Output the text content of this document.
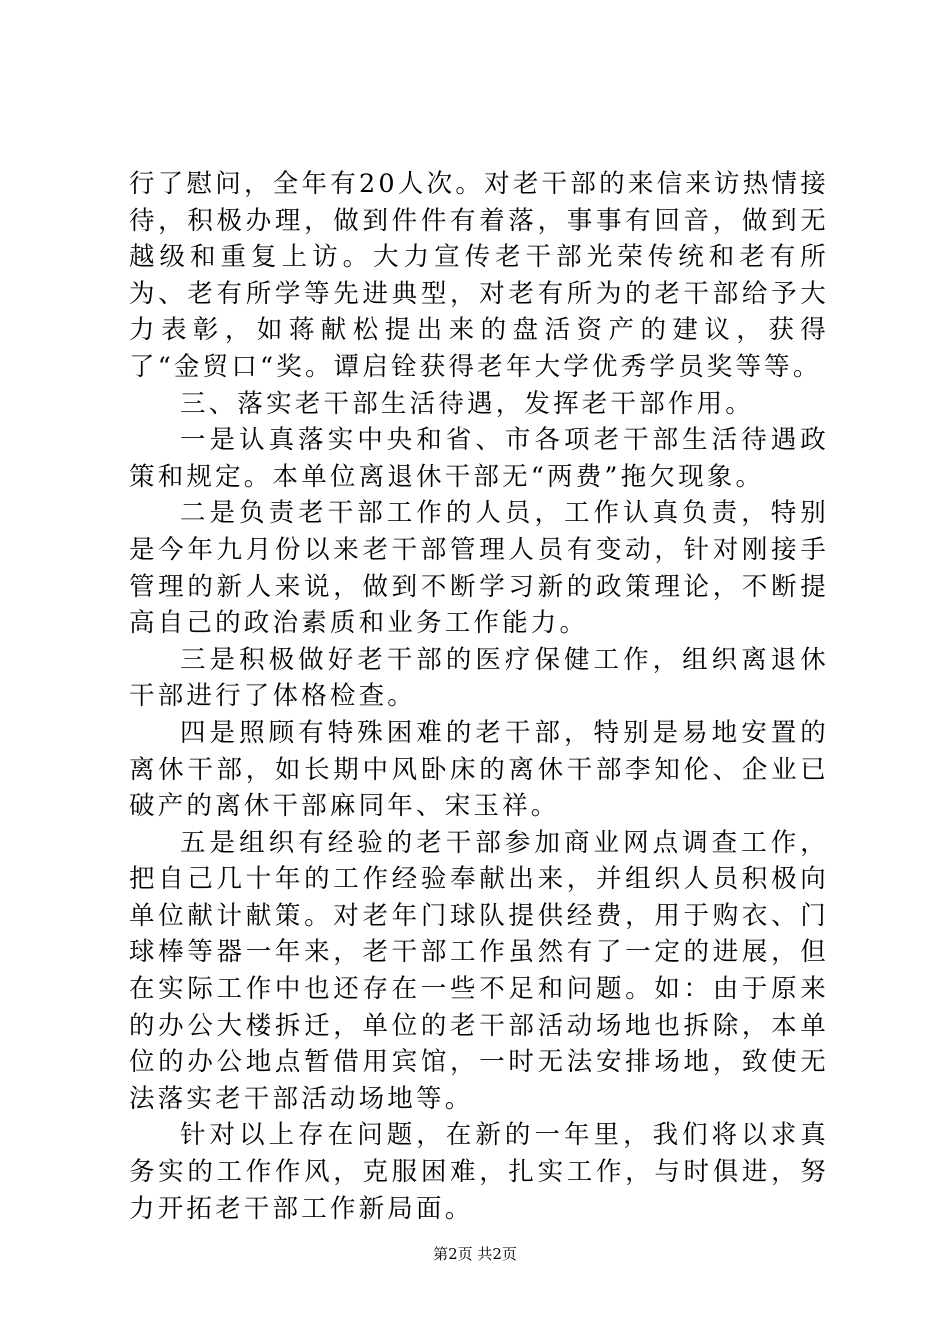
行了慰问，全年有20人次。对老干部的来信来访热情接待，积极办理，做到件件有着落，事事有回音，做到无越级和重复上访。大力宣传老干部光荣传统和老有所为、老有所学等先进典型，对老有所为的老干部给予大力表彰，如蒋献松提出来的盘活资产的建议，获得了“金贸口“奖。谭启铨获得老年大学优秀学员奖等等。

三、落实老干部生活待遇，发挥老干部作用。

一是认真落实中央和省、市各项老干部生活待遇政策和规定。本单位离退休干部无“两费”拖欠现象。

二是负责老干部工作的人员，工作认真负责，特别是今年九月份以来老干部管理人员有变动，针对刚接手管理的新人来说，做到不断学习新的政策理论，不断提高自己的政治素质和业务工作能力。

三是积极做好老干部的医疗保健工作，组织离退休干部进行了体格检查。

四是照顾有特殊困难的老干部，特别是易地安置的离休干部，如长期中风卧床的离休干部李知伦、企业已破产的离休干部麻同年、宋玉祥。

五是组织有经验的老干部参加商业网点调查工作，把自己几十年的工作经验奉献出来，并组织人员积极向单位献计献策。对老年门球队提供经费，用于购衣、门球棒等器一年来，老干部工作虽然有了一定的进展，但在实际工作中也还存在一些不足和问题。如：由于原来的办公大楼拆迁，单位的老干部活动场地也拆除，本单位的办公地点暂借用宾馆，一时无法安排场地，致使无法落实老干部活动场地等。

针对以上存在问题，在新的一年里，我们将以求真务实的工作作风，克服困难，扎实工作，与时俱进，努力开拓老干部工作新局面。

第2页 共2页
